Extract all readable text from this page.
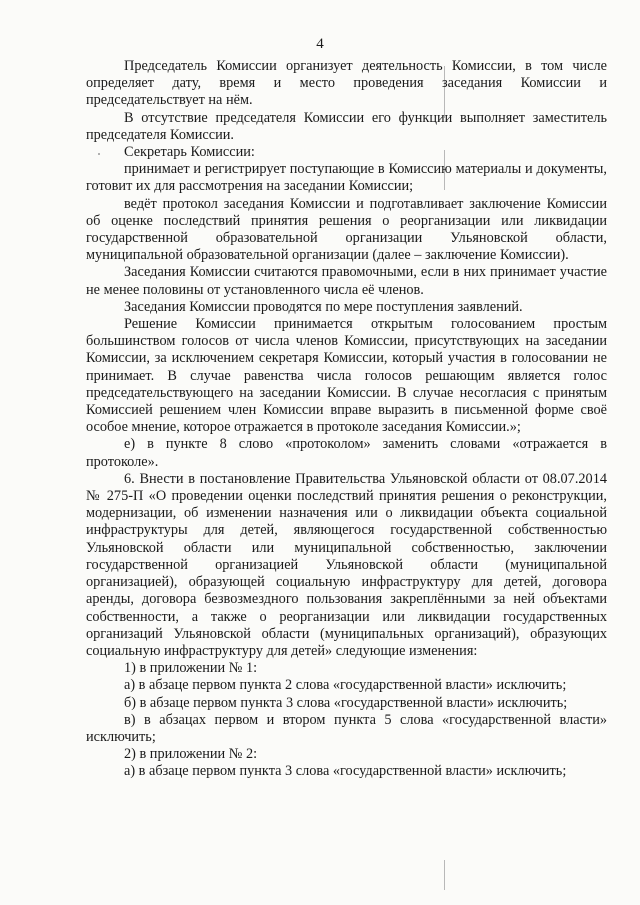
4

Председатель Комиссии организует деятельность Комиссии, в том числе определяет дату, время и место проведения заседания Комиссии и председательствует на нём.

В отсутствие председателя Комиссии его функции выполняет заместитель председателя Комиссии.

Секретарь Комиссии:

принимает и регистрирует поступающие в Комиссию материалы и документы, готовит их для рассмотрения на заседании Комиссии;

ведёт протокол заседания Комиссии и подготавливает заключение Комиссии об оценке последствий принятия решения о реорганизации или ликвидации государственной образовательной организации Ульяновской области, муниципальной образовательной организации (далее – заключение Комиссии).

Заседания Комиссии считаются правомочными, если в них принимает участие не менее половины от установленного числа её членов.

Заседания Комиссии проводятся по мере поступления заявлений.

Решение Комиссии принимается открытым голосованием простым большинством голосов от числа членов Комиссии, присутствующих на заседании Комиссии, за исключением секретаря Комиссии, который участия в голосовании не принимает. В случае равенства числа голосов решающим является голос председательствующего на заседании Комиссии. В случае несогласия с принятым Комиссией решением член Комиссии вправе выразить в письменной форме своё особое мнение, которое отражается в протоколе заседания Комиссии.»;

е) в пункте 8 слово «протоколом» заменить словами «отражается в протоколе».

6. Внести в постановление Правительства Ульяновской области от 08.07.2014 № 275-П «О проведении оценки последствий принятия решения о реконструкции, модернизации, об изменении назначения или о ликвидации объекта социальной инфраструктуры для детей, являющегося государственной собственностью Ульяновской области или муниципальной собственностью, заключении государственной организацией Ульяновской области (муниципальной организацией), образующей социальную инфраструктуру для детей, договора аренды, договора безвозмездного пользования закреплёнными за ней объектами собственности, а также о реорганизации или ликвидации государственных организаций Ульяновской области (муниципальных организаций), образующих социальную инфраструктуру для детей» следующие изменения:

1) в приложении № 1:

а) в абзаце первом пункта 2 слова «государственной власти» исключить;

б) в абзаце первом пункта 3 слова «государственной власти» исключить;

в) в абзацах первом и втором пункта 5 слова «государственной власти» исключить;

2) в приложении № 2:

а) в абзаце первом пункта 3 слова «государственной власти» исключить;
